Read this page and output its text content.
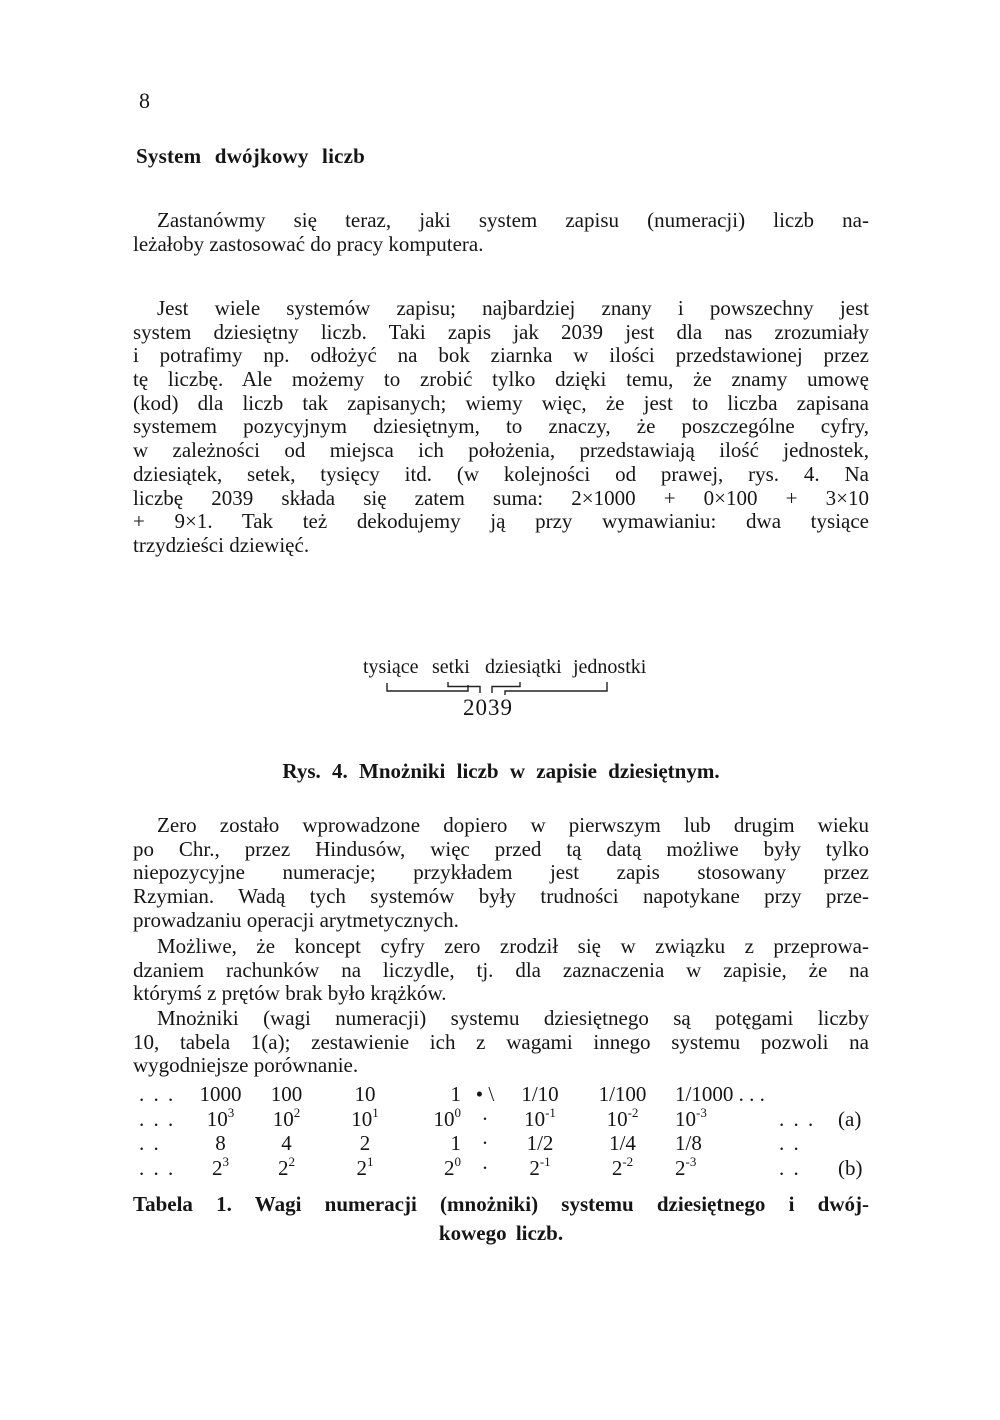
8
System dwójkowy liczb
Zastanówmy się teraz, jaki system zapisu (numeracji) liczb na-
leżałoby zastosować do pracy komputera.
Jest wiele systemów zapisu; najbardziej znany i powszechny jest
system dziesiętny liczb. Taki zapis jak 2039 jest dla nas zrozumiały
i potrafimy np. odłożyć na bok ziarnka w ilości przedstawionej przez
tę liczbę. Ale możemy to zrobić tylko dzięki temu, że znamy umowę
(kod) dla liczb tak zapisanych; wiemy więc, że jest to liczba zapisana
systemem pozycyjnym dziesiętnym, to znaczy, że poszczególne cyfry,
w zależności od miejsca ich położenia, przedstawiają ilość jednostek,
dziesiątek, setek, tysięcy itd. (w kolejności od prawej, rys. 4. Na
liczbę 2039 składa się zatem suma: 2×1000 + 0×100 + 3×10
+ 9×1. Tak też dekodujemy ją przy wymawianiu: dwa tysiące
trzydzieści dziewięć.
tysiące setki dziesiątki jednostki
2039
Rys. 4. Mnożniki liczb w zapisie dziesiętnym.
Zero zostało wprowadzone dopiero w pierwszym lub drugim wieku
po Chr., przez Hindusów, więc przed tą datą możliwe były tylko
niepozycyjne numeracje; przykładem jest zapis stosowany przez
Rzymian. Wadą tych systemów były trudności napotykane przy prze-
prowadzaniu operacji arytmetycznych.
Możliwe, że koncept cyfry zero zrodził się w związku z przeprowa-
dzaniem rachunków na liczydle, tj. dla zaznaczenia w zapisie, że na
którymś z prętów brak było krążków.
Mnożniki (wagi numeracji) systemu dziesiętnego są potęgami liczby
10, tabela 1(a); zestawienie ich z wagami innego systemu pozwoli na
wygodniejsze porównanie.
. . .	1000	100	10	1 • \	1/10	1/100	1/1000 . . .
. . .	$10^3$	$10^2$	$10^1$	$10^0$ ·	$10^{-1}$	$10^{-2}$	$10^{-3}$	. . .	(a)
. .	8	4	2	1 ·	1/2	1/4	1/8	. .
. . .	$2^3$	$2^2$	$2^1$	$2^0$ ·	$2^{-1}$	$2^{-2}$	$2^{-3}$	. .	(b)
Tabela 1. Wagi numeracji (mnożniki) systemu dziesiętnego i dwój-
kowego liczb.
